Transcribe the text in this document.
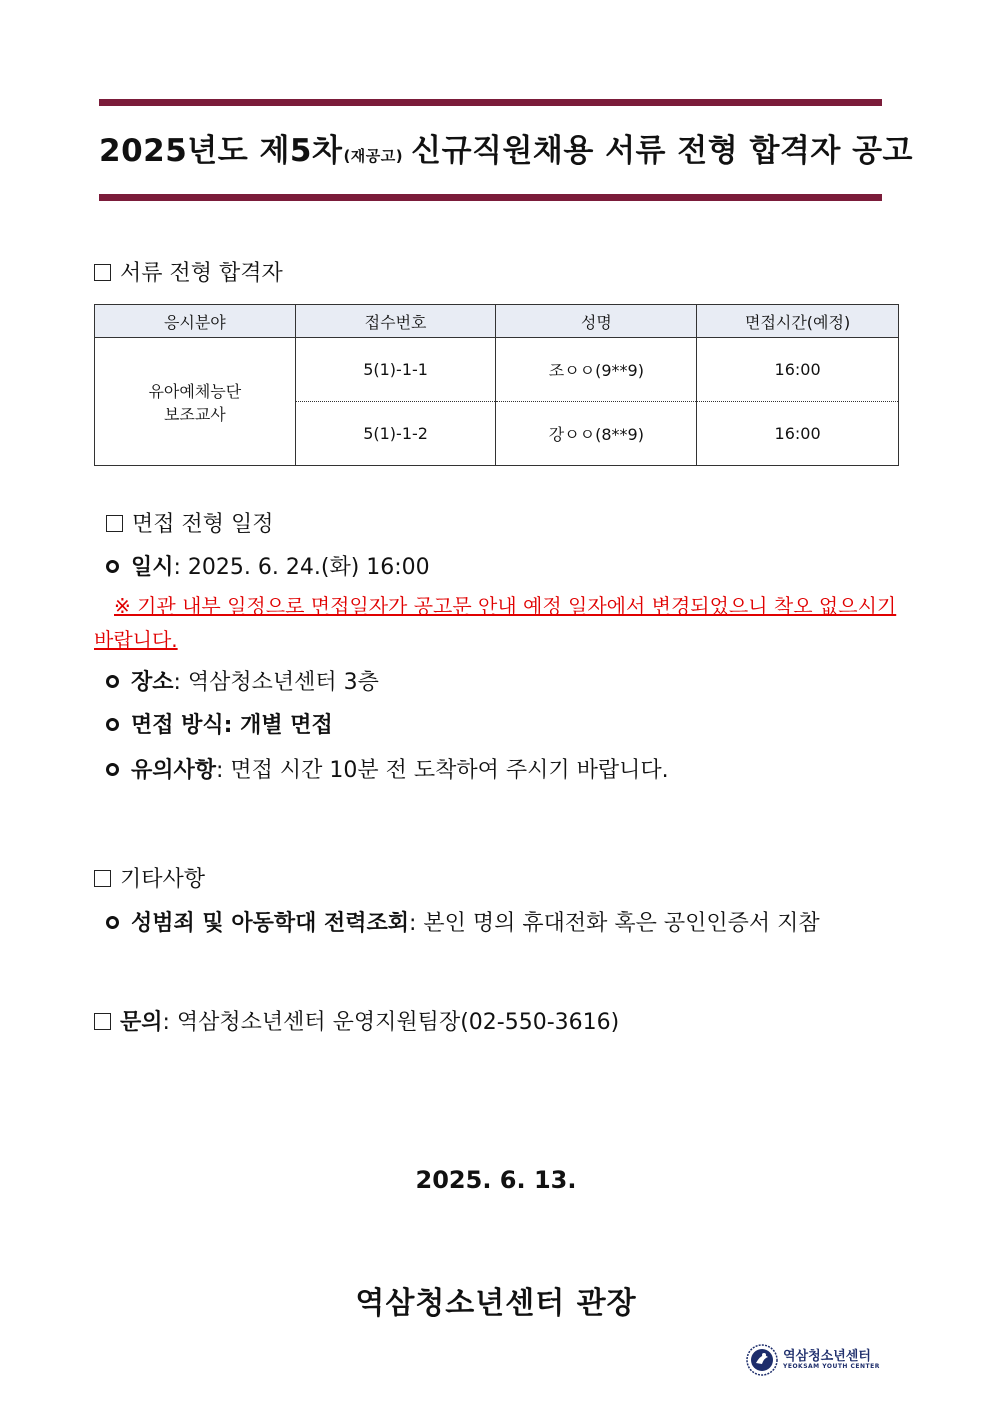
2025년도 제5차(재공고) 신규직원채용 서류 전형 합격자 공고
서류 전형 합격자
응시분야	접수번호	성명	면접시간(예정)

유아예체능단
보조교사	5(1)-1-1	조ㅇㅇ(9**9)	16:00
	5(1)-1-2	강ㅇㅇ(8**9)	16:00
면접 전형 일정
일시: 2025. 6. 24.(화) 16:00
※ 기관 내부 일정으로 면접일자가 공고문 안내 예정 일자에서 변경되었으니 착오 없으시기 바랍니다.
장소: 역삼청소년센터 3층
면접 방식: 개별 면접
유의사항: 면접 시간 10분 전 도착하여 주시기 바랍니다.
기타사항
성범죄 및 아동학대 전력조회: 본인 명의 휴대전화 혹은 공인인증서 지참
문의: 역삼청소년센터 운영지원팀장(02-550-3616)
2025. 6. 13.
역삼청소년센터 관장
역삼청소년센터
YEOKSAM YOUTH CENTER
